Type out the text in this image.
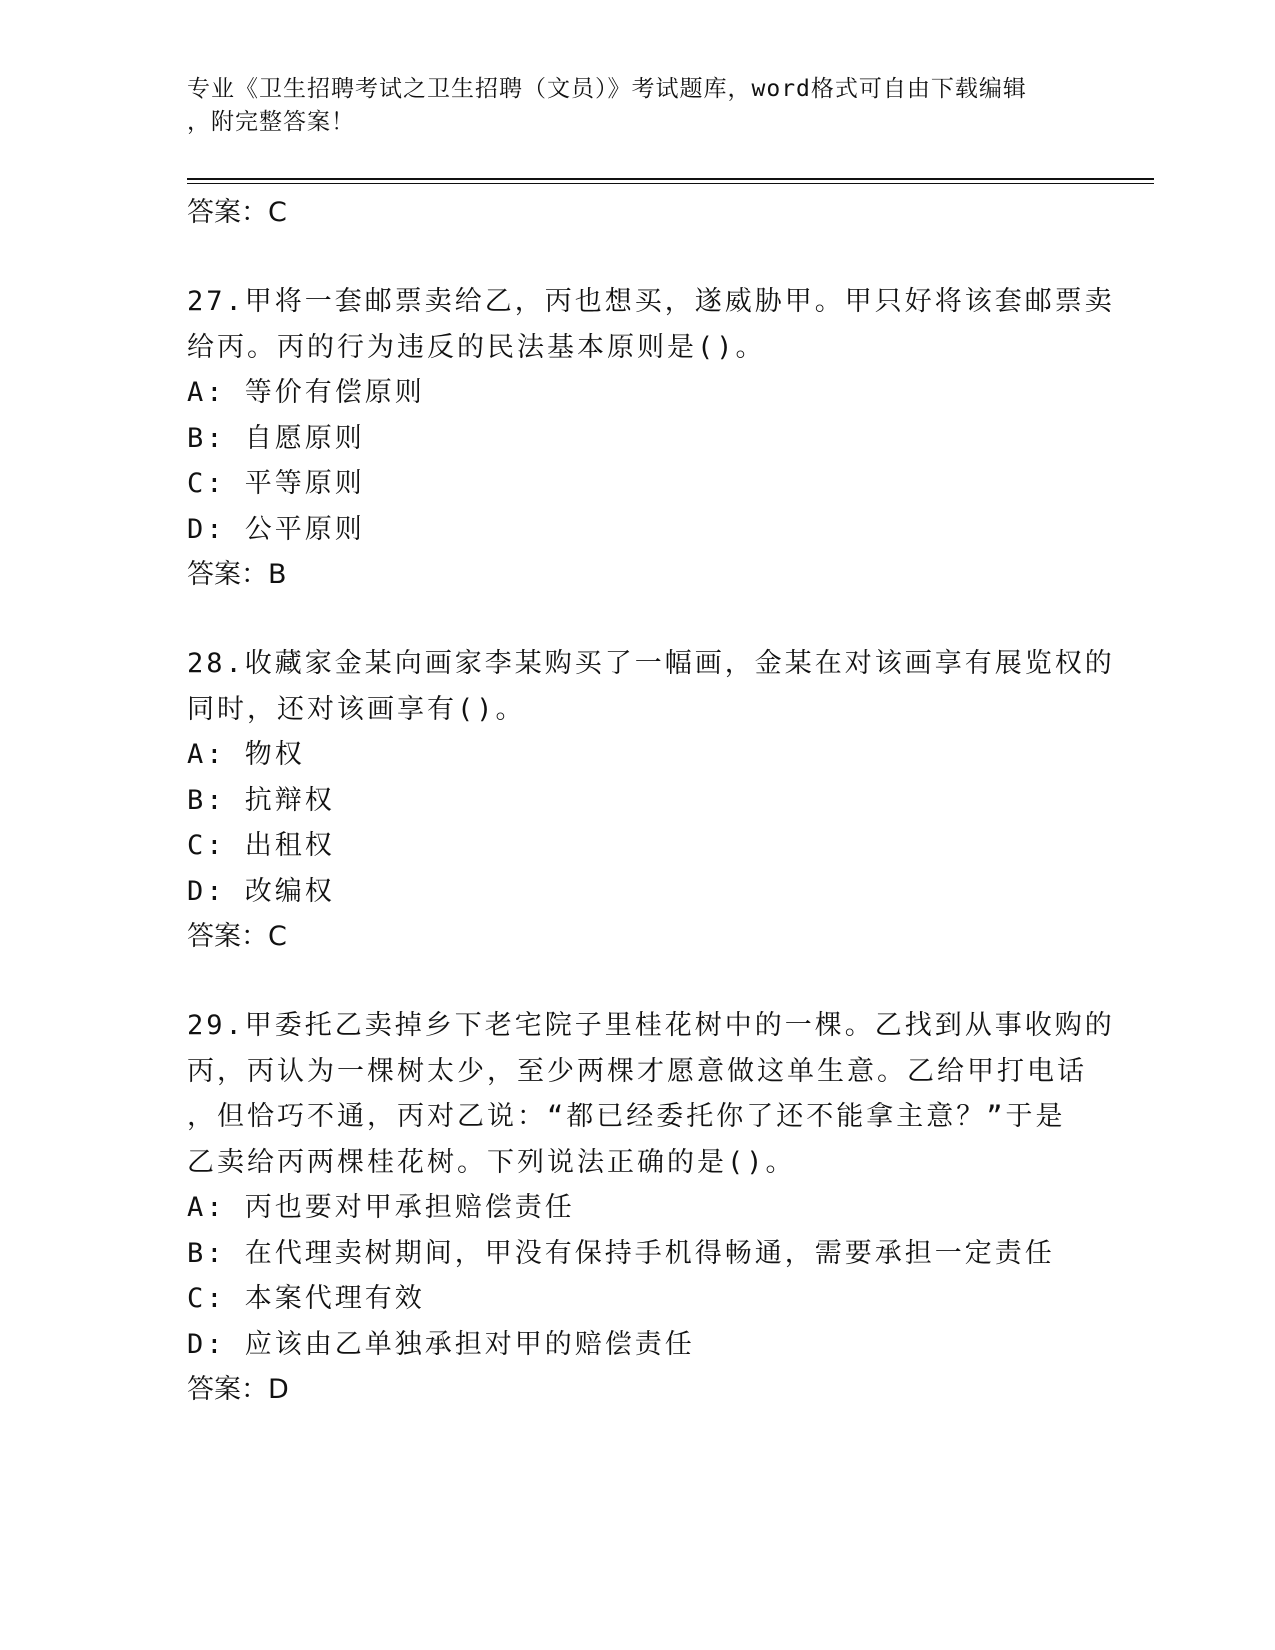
专业《卫生招聘考试之卫生招聘（文员）》考试题库，word格式可自由下载编辑
，附完整答案！
答案：C
27.甲将一套邮票卖给乙，丙也想买，遂威胁甲。甲只好将该套邮票卖
给丙。丙的行为违反的民法基本原则是()。
A: 等价有偿原则
B: 自愿原则
C: 平等原则
D: 公平原则
答案：B
28.收藏家金某向画家李某购买了一幅画，金某在对该画享有展览权的
同时，还对该画享有()。
A: 物权
B: 抗辩权
C: 出租权
D: 改编权
答案：C
29.甲委托乙卖掉乡下老宅院子里桂花树中的一棵。乙找到从事收购的
丙，丙认为一棵树太少，至少两棵才愿意做这单生意。乙给甲打电话
，但恰巧不通，丙对乙说：“都已经委托你了还不能拿主意？”于是
乙卖给丙两棵桂花树。下列说法正确的是()。
A: 丙也要对甲承担赔偿责任
B: 在代理卖树期间，甲没有保持手机得畅通，需要承担一定责任
C: 本案代理有效
D: 应该由乙单独承担对甲的赔偿责任
答案：D
